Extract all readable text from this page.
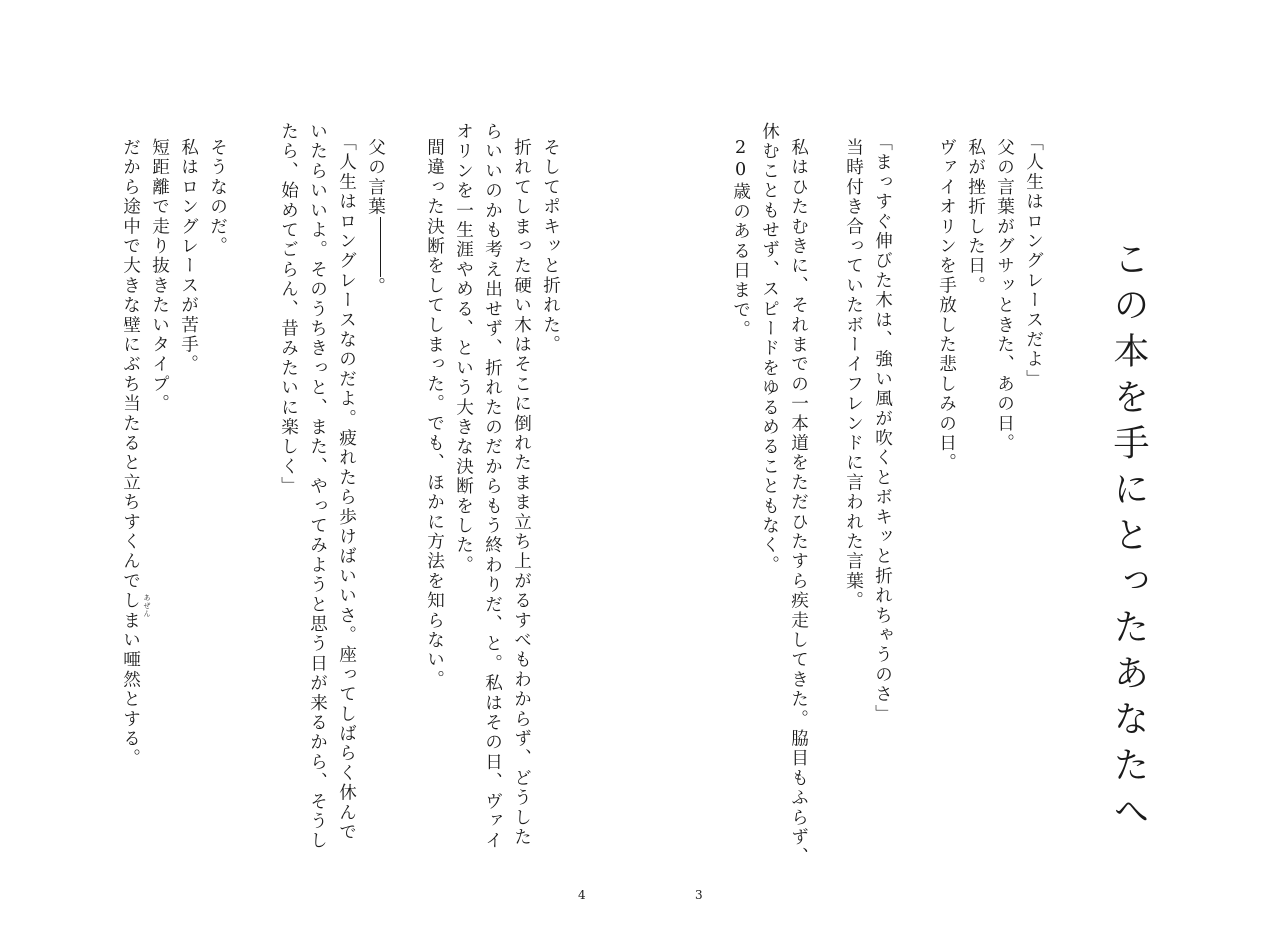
この本を手にとったあなたへ

「人生はロングレースだよ」

父の言葉がグサッときた、あの日。

私が挫折した日。

ヴァイオリンを手放した悲しみの日。

「まっすぐ伸びた木は、強い風が吹くとボキッと折れちゃうのさ」

当時付き合っていたボーイフレンドに言われた言葉。

私はひたむきに、それまでの一本道をただひたすら疾走してきた。脇目もふらず、

休むこともせず、スピードをゆるめることもなく。

20歳のある日まで。

3

そしてポキッと折れた。

折れてしまった硬い木はそこに倒れたまま立ち上がるすべもわからず、どうした

らいいのかも考え出せず、折れたのだからもう終わりだ、と。私はその日、ヴァイ

オリンを一生涯やめる、という大きな決断をした。

間違った決断をしてしまった。でも、ほかに方法を知らない。

父の言葉。

「人生はロングレースなのだよ。疲れたら歩けばいいさ。座ってしばらく休んで

いたらいいよ。そのうちきっと、また、やってみようと思う日が来るから、そうし

たら、始めてごらん、昔みたいに楽しく」

そうなのだ。

私はロングレースが苦手。

短距離で走り抜きたいタイプ。

だから途中で大きな壁にぶち当たると立ちすくんでしまい唖然とする。 あぜん
4
